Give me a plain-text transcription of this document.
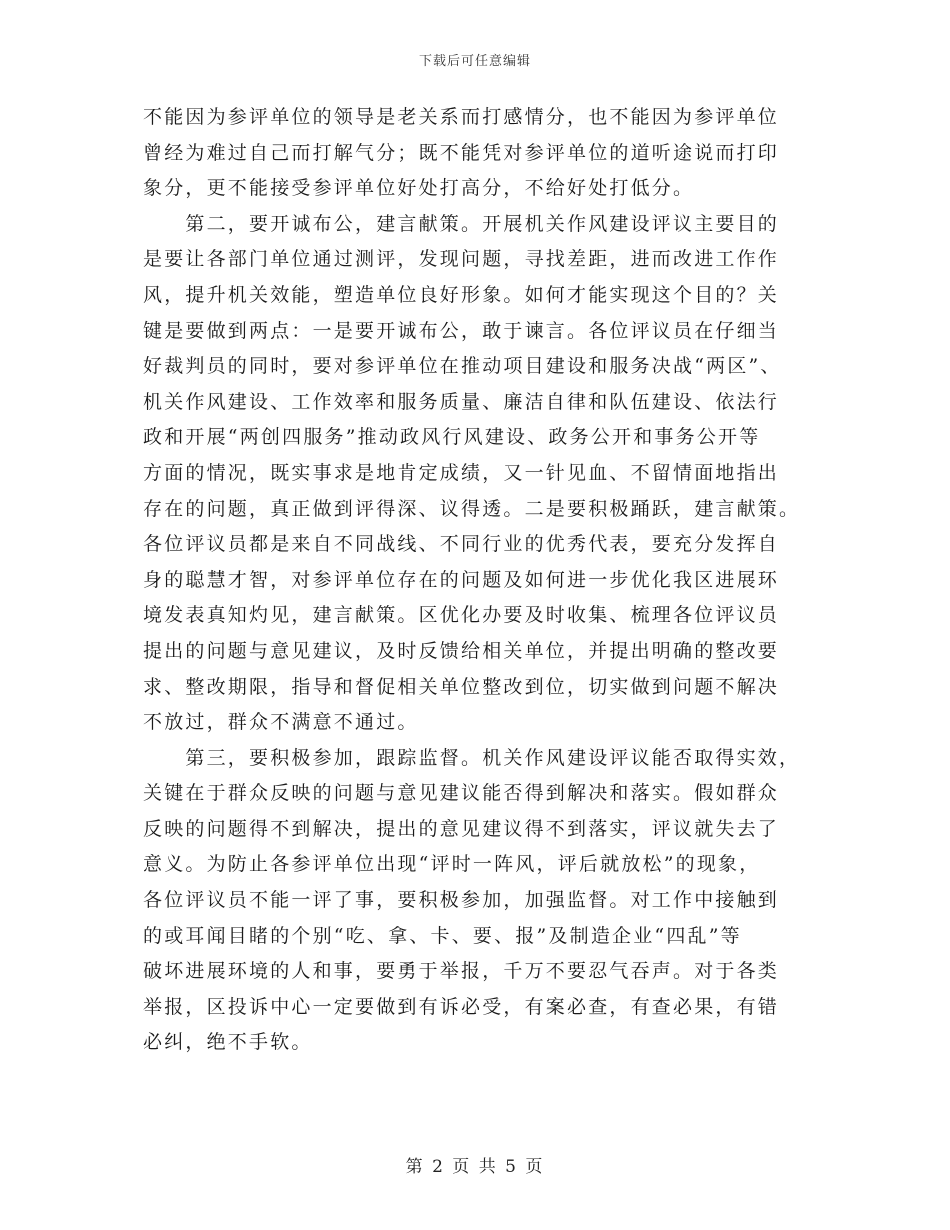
下载后可任意编辑
不能因为参评单位的领导是老关系而打感情分，也不能因为参评单位
曾经为难过自己而打解气分；既不能凭对参评单位的道听途说而打印
象分，更不能接受参评单位好处打高分，不给好处打低分。
　　第二，要开诚布公，建言献策。开展机关作风建设评议主要目的
是要让各部门单位通过测评，发现问题，寻找差距，进而改进工作作
风，提升机关效能，塑造单位良好形象。如何才能实现这个目的？关
键是要做到两点：一是要开诚布公，敢于谏言。各位评议员在仔细当
好裁判员的同时，要对参评单位在推动项目建设和服务决战“两区”、
机关作风建设、工作效率和服务质量、廉洁自律和队伍建设、依法行
政和开展“两创四服务”推动政风行风建设、政务公开和事务公开等
方面的情况，既实事求是地肯定成绩，又一针见血、不留情面地指出
存在的问题，真正做到评得深、议得透。二是要积极踊跃，建言献策。
各位评议员都是来自不同战线、不同行业的优秀代表，要充分发挥自
身的聪慧才智，对参评单位存在的问题及如何进一步优化我区进展环
境发表真知灼见，建言献策。区优化办要及时收集、梳理各位评议员
提出的问题与意见建议，及时反馈给相关单位，并提出明确的整改要
求、整改期限，指导和督促相关单位整改到位，切实做到问题不解决
不放过，群众不满意不通过。
　　第三，要积极参加，跟踪监督。机关作风建设评议能否取得实效，
关键在于群众反映的问题与意见建议能否得到解决和落实。假如群众
反映的问题得不到解决，提出的意见建议得不到落实，评议就失去了
意义。为防止各参评单位出现“评时一阵风，评后就放松”的现象，
各位评议员不能一评了事，要积极参加，加强监督。对工作中接触到
的或耳闻目睹的个别“吃、拿、卡、要、报”及制造企业“四乱”等
破坏进展环境的人和事，要勇于举报，千万不要忍气吞声。对于各类
举报，区投诉中心一定要做到有诉必受，有案必查，有查必果，有错
必纠，绝不手软。
第 2 页 共 5 页
